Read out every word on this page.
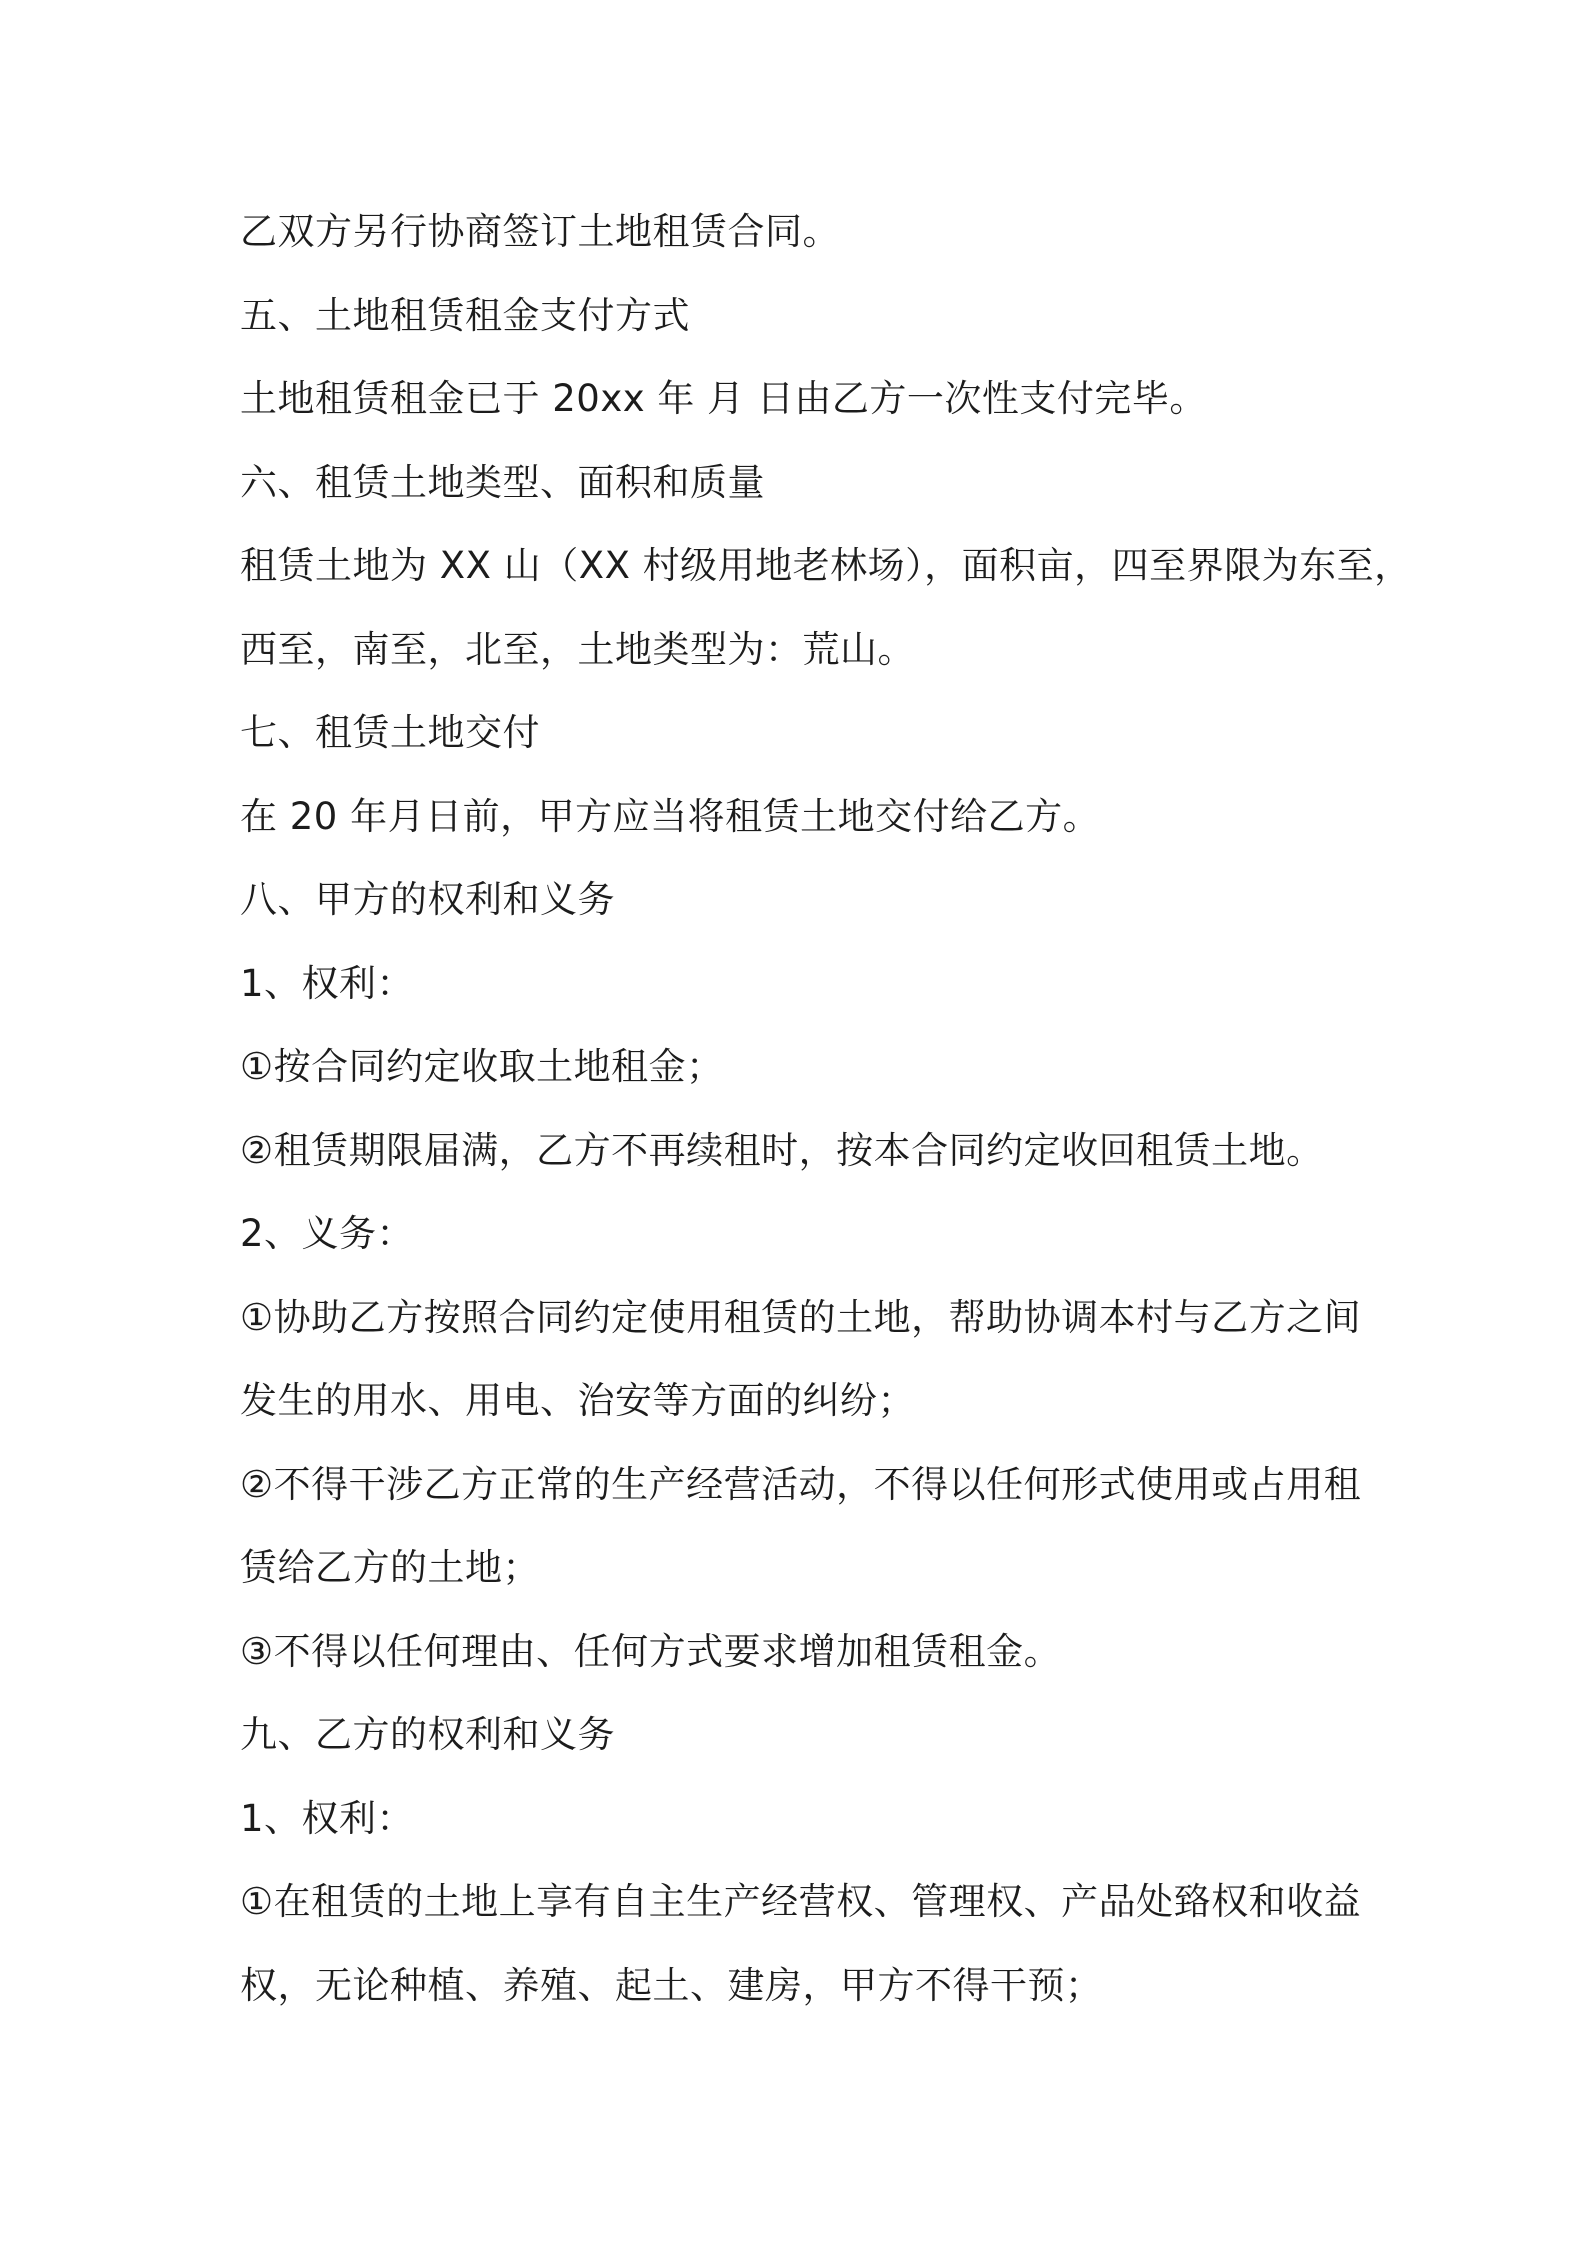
乙双方另行协商签订土地租赁合同。
五、土地租赁租金支付方式
土地租赁租金已于 20xx 年 月 日由乙方一次性支付完毕。
六、租赁土地类型、面积和质量
租赁土地为 XX 山（XX 村级用地老林场），面积亩，四至界限为东至，
西至，南至，北至，土地类型为：荒山。
七、租赁土地交付
在 20 年月日前，甲方应当将租赁土地交付给乙方。
八、甲方的权利和义务
1、权利：
①按合同约定收取土地租金；
②租赁期限届满，乙方不再续租时，按本合同约定收回租赁土地。
2、义务：
①协助乙方按照合同约定使用租赁的土地，帮助协调本村与乙方之间
发生的用水、用电、治安等方面的纠纷；
②不得干涉乙方正常的生产经营活动，不得以任何形式使用或占用租
赁给乙方的土地；
③不得以任何理由、任何方式要求增加租赁租金。
九、乙方的权利和义务
1、权利：
①在租赁的土地上享有自主生产经营权、管理权、产品处臵权和收益
权，无论种植、养殖、起土、建房，甲方不得干预；
